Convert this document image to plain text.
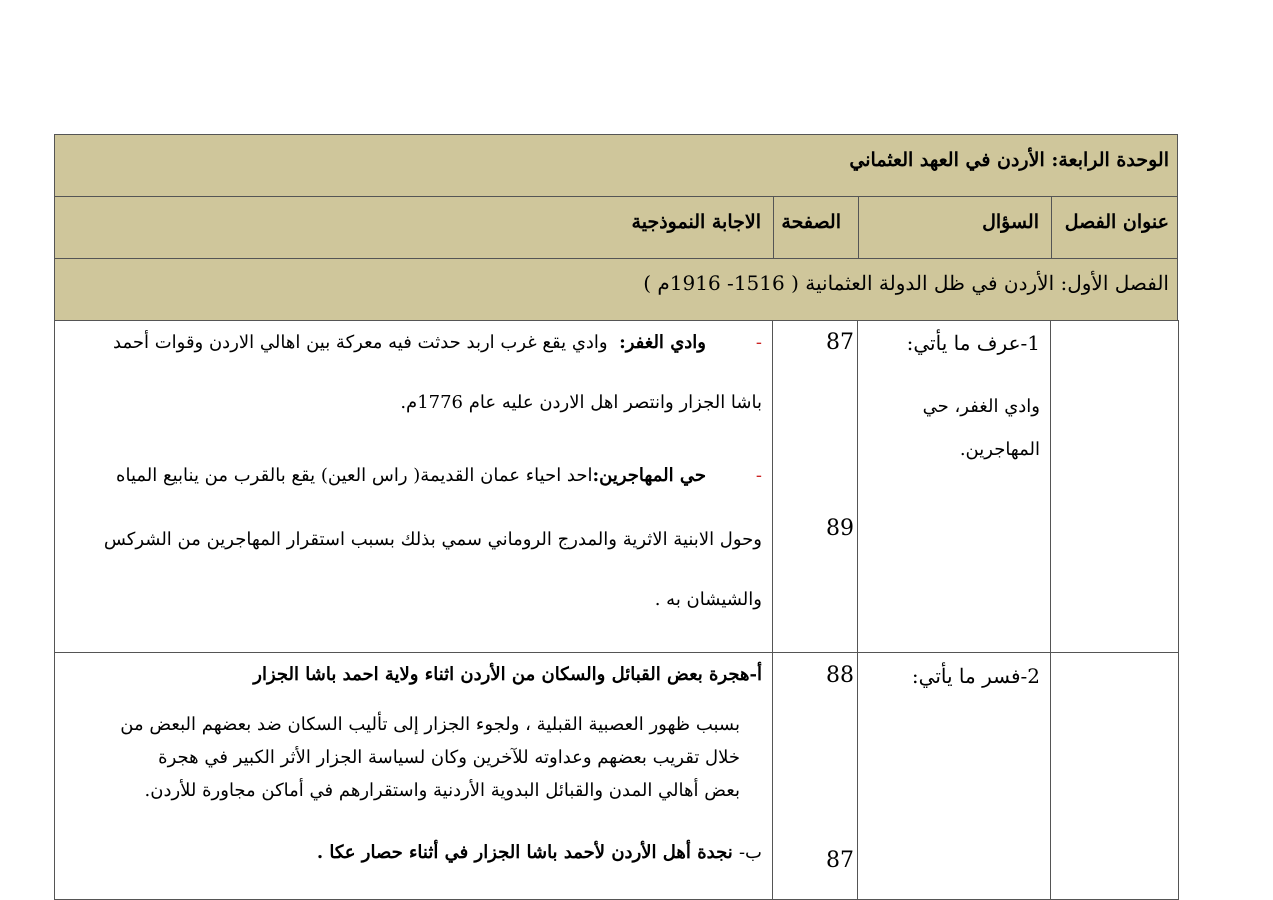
الوحدة الرابعة: الأردن في العهد العثماني
عنوان الفصل
السؤال
الصفحة
الاجابة النموذجية
الفصل الأول: الأردن في ظل الدولة العثمانية ( 1516- 1916م )
1-عرف ما يأتي:
وادي الغفر، حي
المهاجرين.
87
89
-
وادي الغفر:  وادي يقع غرب اربد حدثت فيه معركة بين اهالي الاردن وقوات أحمد
باشا الجزار وانتصر اهل الاردن عليه عام 1776م.
-
حي المهاجرين:احد احياء عمان القديمة( راس العين) يقع بالقرب من ينابيع المياه
وحول الابنية الاثرية والمدرج الروماني سمي بذلك بسبب استقرار المهاجرين من الشركس
والشيشان به .
2-فسر ما يأتي:
88
87
أ-هجرة بعض القبائل والسكان من الأردن اثناء ولاية احمد باشا الجزار
بسبب ظهور العصبية القبلية ، ولجوء الجزار إلى تأليب السكان ضد بعضهم البعض من
خلال تقريب بعضهم وعداوته للآخرين وكان لسياسة الجزار الأثر الكبير في هجرة
بعض أهالي المدن والقبائل البدوية الأردنية واستقرارهم في أماكن مجاورة للأردن.
ب- نجدة أهل الأردن لأحمد باشا الجزار في أثناء حصار عكا .
